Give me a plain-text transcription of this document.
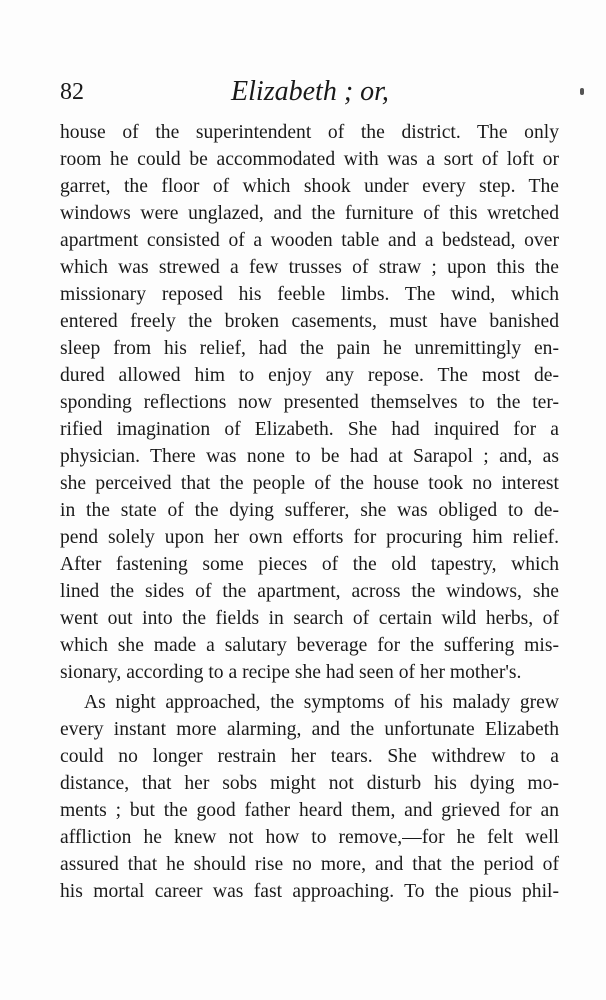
82	Elizabeth ; or,
house of the superintendent of the district. The only
room he could be accommodated with was a sort of loft or
garret, the floor of which shook under every step. The
windows were unglazed, and the furniture of this wretched
apartment consisted of a wooden table and a bedstead, over
which was strewed a few trusses of straw ; upon this the
missionary reposed his feeble limbs. The wind, which
entered freely the broken casements, must have banished
sleep from his relief, had the pain he unremittingly en-
dured allowed him to enjoy any repose. The most de-
sponding reflections now presented themselves to the ter-
rified imagination of Elizabeth. She had inquired for a
physician. There was none to be had at Sarapol ; and, as
she perceived that the people of the house took no interest
in the state of the dying sufferer, she was obliged to de-
pend solely upon her own efforts for procuring him relief.
After fastening some pieces of the old tapestry, which
lined the sides of the apartment, across the windows, she
went out into the fields in search of certain wild herbs, of
which she made a salutary beverage for the suffering mis-
sionary, according to a recipe she had seen of her mother's.
As night approached, the symptoms of his malady grew
every instant more alarming, and the unfortunate Elizabeth
could no longer restrain her tears. She withdrew to a
distance, that her sobs might not disturb his dying mo-
ments ; but the good father heard them, and grieved for an
affliction he knew not how to remove,—for he felt well
assured that he should rise no more, and that the period of
his mortal career was fast approaching. To the pious phil-
